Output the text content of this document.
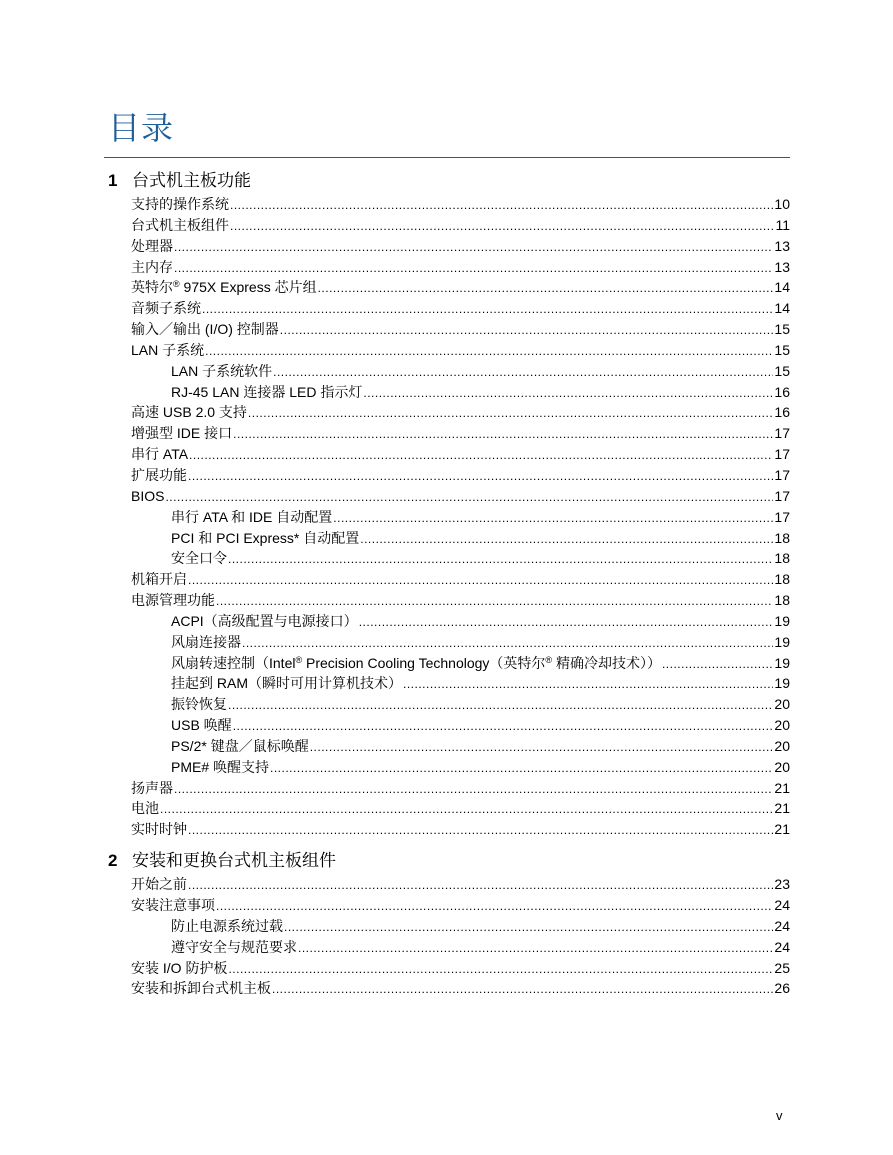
目录
1 台式机主板功能
支持的操作系统 .....	10
台式机主板组件 .....	11
处理器 .....	13
主内存 .....	13
英特尔® 975X Express 芯片组 .....	14
音频子系统 .....	14
输入／输出 (I/O) 控制器 .....	15
LAN 子系统 .....	15
LAN 子系统软件 .....	15
RJ-45 LAN 连接器 LED 指示灯 .....	16
高速 USB 2.0 支持 .....	16
增强型 IDE 接口 .....	17
串行 ATA .....	17
扩展功能 .....	17
BIOS .....	17
串行 ATA 和 IDE 自动配置 .....	17
PCI 和 PCI Express* 自动配置 .....	18
安全口令 .....	18
机箱开启 .....	18
电源管理功能 .....	18
ACPI（高级配置与电源接口） .....	19
风扇连接器 .....	19
风扇转速控制（Intel® Precision Cooling Technology（英特尔® 精确冷却技术）） .....	19
挂起到 RAM（瞬时可用计算机技术） .....	19
振铃恢复 .....	20
USB 唤醒 .....	20
PS/2* 键盘／鼠标唤醒 .....	20
PME# 唤醒支持 .....	20
扬声器 .....	21
电池 .....	21
实时时钟 .....	21
2 安装和更换台式机主板组件
开始之前 .....	23
安装注意事项 .....	24
防止电源系统过载 .....	24
遵守安全与规范要求 .....	24
安装 I/O 防护板 .....	25
安装和拆卸台式机主板 .....	26
v
